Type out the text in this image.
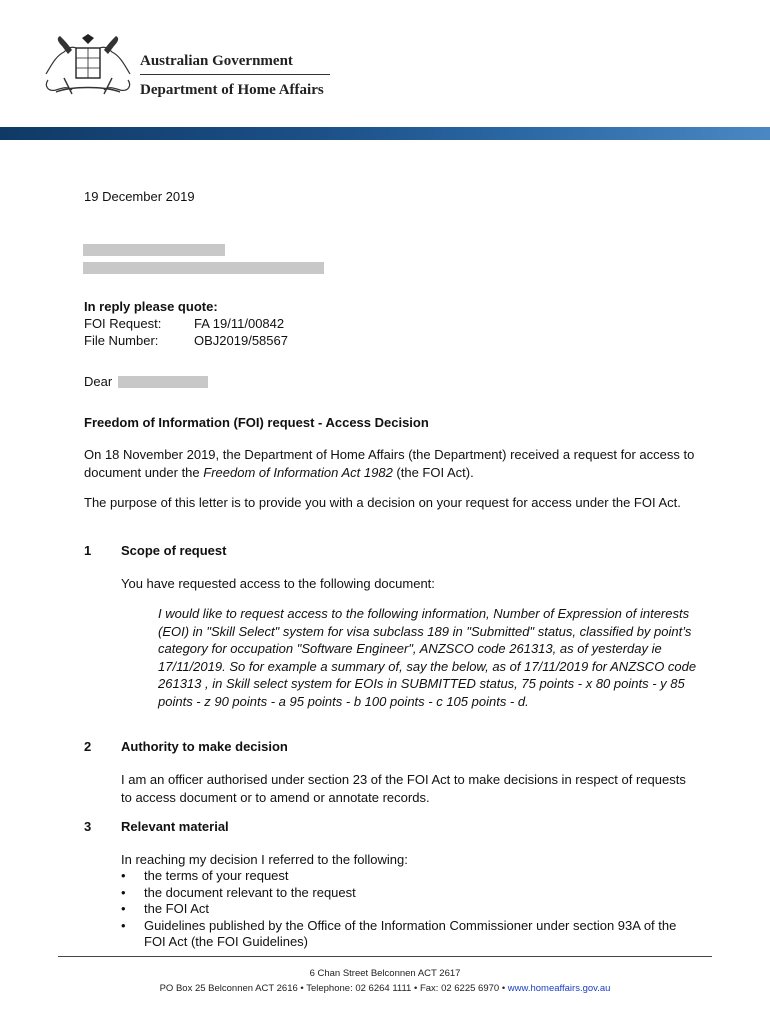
Australian Government
Department of Home Affairs
19 December 2019
In reply please quote:
FOI Request:	FA 19/11/00842
File Number:	OBJ2019/58567
Dear
Freedom of Information (FOI) request - Access Decision
On 18 November 2019, the Department of Home Affairs (the Department) received a request for access to document under the Freedom of Information Act 1982 (the FOI Act).
The purpose of this letter is to provide you with a decision on your request for access under the FOI Act.
1 Scope of request
You have requested access to the following document:
I would like to request access to the following information, Number of Expression of interests (EOI) in "Skill Select" system for visa subclass 189 in "Submitted" status, classified by point’s category for occupation "Software Engineer", ANZSCO code 261313, as of yesterday ie 17/11/2019. So for example a summary of, say the below, as of 17/11/2019 for ANZSCO code 261313 , in Skill select system for EOIs in SUBMITTED status, 75 points - x 80 points - y 85 points - z 90 points - a 95 points - b 100 points - c 105 points - d.
2 Authority to make decision
I am an officer authorised under section 23 of the FOI Act to make decisions in respect of requests to access document or to amend or annotate records.
3 Relevant material
In reaching my decision I referred to the following:
• the terms of your request
• the document relevant to the request
• the FOI Act
• Guidelines published by the Office of the Information Commissioner under section 93A of the FOI Act (the FOI Guidelines)
6 Chan Street Belconnen ACT 2617
PO Box 25 Belconnen ACT 2616 • Telephone: 02 6264 1111 • Fax: 02 6225 6970 • www.homeaffairs.gov.au
